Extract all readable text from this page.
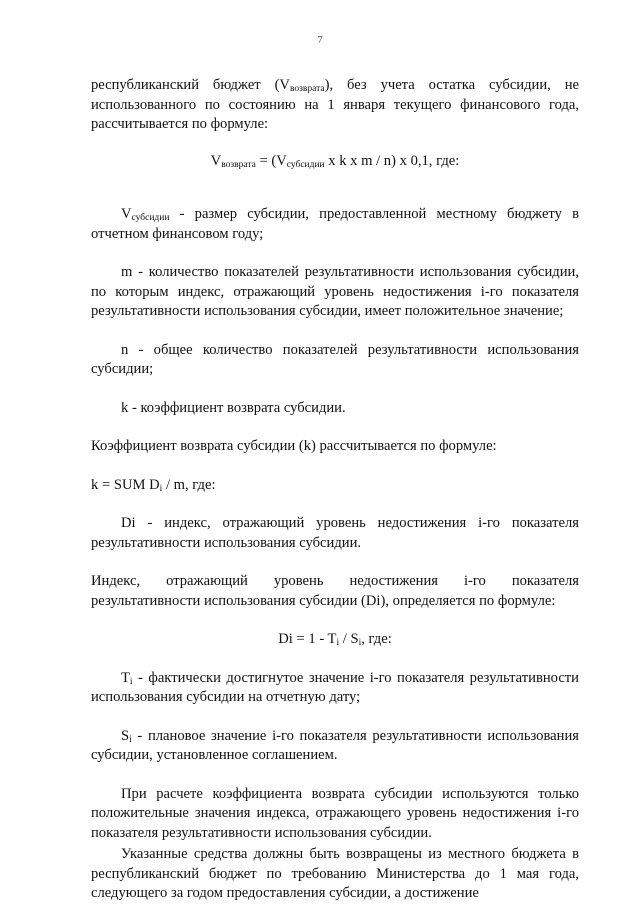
7

республиканский бюджет $(V_{возврата})$, без учета остатка субсидии, не использованного по состоянию на 1 января текущего финансового года, рассчитывается по формуле:

$V_{возврата} = (V_{субсидии}$ x k x m / n) x 0,1, где:

$V_{субсидии}$ - размер субсидии, предоставленной местному бюджету в отчетном финансовом году;

m - количество показателей результативности использования субсидии, по которым индекс, отражающий уровень недостижения i-го показателя результативности использования субсидии, имеет положительное значение;

n - общее количество показателей результативности использования субсидии;

k - коэффициент возврата субсидии.

Коэффициент возврата субсидии (k) рассчитывается по формуле:

k = SUM $D_i$ / m, где:

Di - индекс, отражающий уровень недостижения i-го показателя результативности использования субсидии.

Индекс, отражающий уровень недостижения i-го показателя результативности использования субсидии (Di), определяется по формуле:

$Di = 1 - T_i / S_i$, где:

$T_i$ - фактически достигнутое значение i-го показателя результативности использования субсидии на отчетную дату;

$S_i$ - плановое значение i-го показателя результативности использования субсидии, установленное соглашением.

При расчете коэффициента возврата субсидии используются только положительные значения индекса, отражающего уровень недостижения i-го показателя результативности использования субсидии.

Указанные средства должны быть возвращены из местного бюджета в республиканский бюджет по требованию Министерства до 1 мая года, следующего за годом предоставления субсидии, а достижение
